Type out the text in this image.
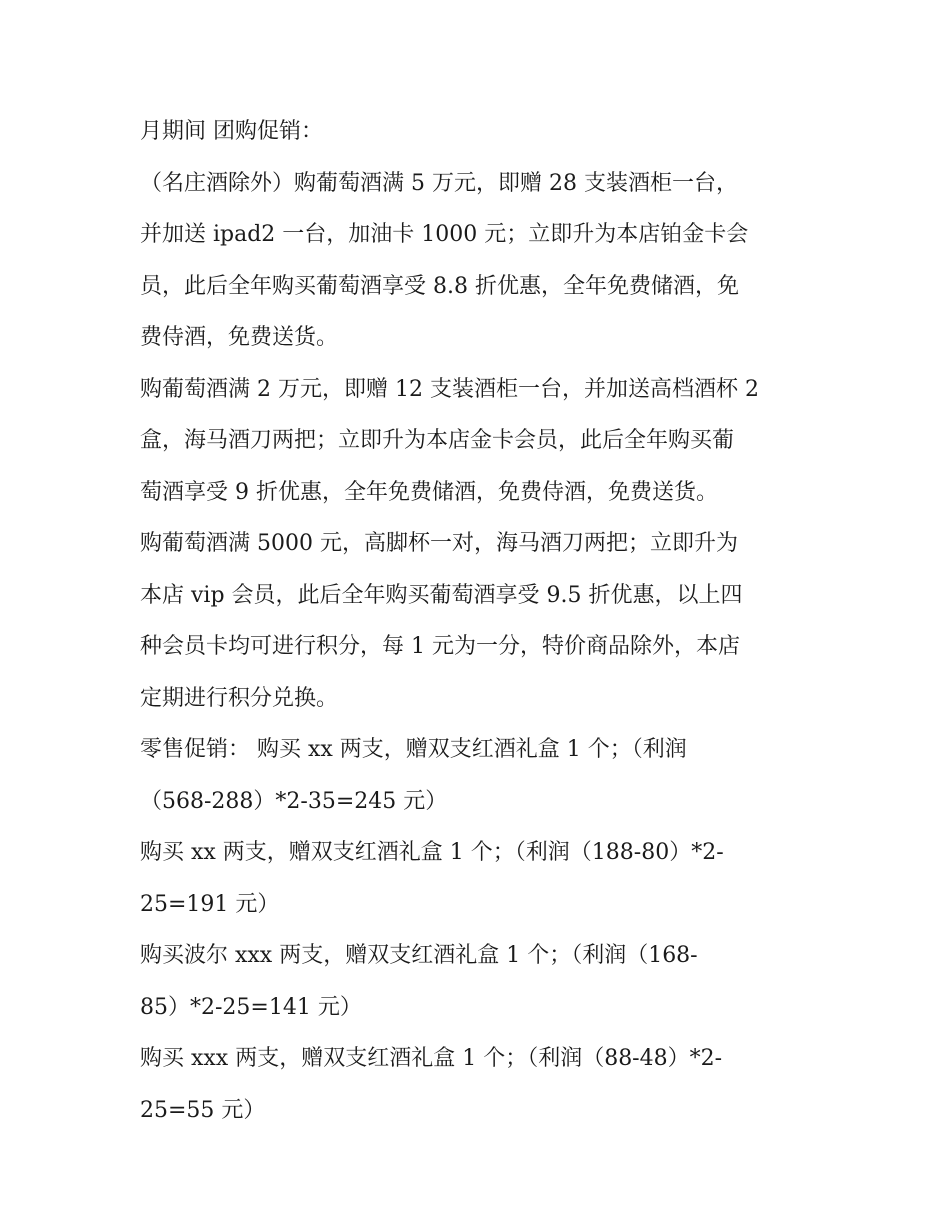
月期间 团购促销：
（名庄酒除外）购葡萄酒满 5 万元，即赠 28 支装酒柜一台，
并加送 ipad2 一台，加油卡 1000 元；立即升为本店铂金卡会
员，此后全年购买葡萄酒享受 8.8 折优惠，全年免费储酒，免
费侍酒，免费送货。
购葡萄酒满 2 万元，即赠 12 支装酒柜一台，并加送高档酒杯 2
盒，海马酒刀两把；立即升为本店金卡会员，此后全年购买葡
萄酒享受 9 折优惠，全年免费储酒，免费侍酒，免费送货。
购葡萄酒满 5000 元，高脚杯一对，海马酒刀两把；立即升为
本店 vip 会员，此后全年购买葡萄酒享受 9.5 折优惠，以上四
种会员卡均可进行积分，每 1 元为一分，特价商品除外，本店
定期进行积分兑换。
零售促销： 购买 xx 两支，赠双支红酒礼盒 1 个；（利润
（568-288）*2-35=245 元）
购买 xx 两支，赠双支红酒礼盒 1 个；（利润（188-80）*2-
25=191 元）
购买波尔 xxx 两支，赠双支红酒礼盒 1 个；（利润（168-
85）*2-25=141 元）
购买 xxx 两支，赠双支红酒礼盒 1 个；（利润（88-48）*2-
25=55 元）
